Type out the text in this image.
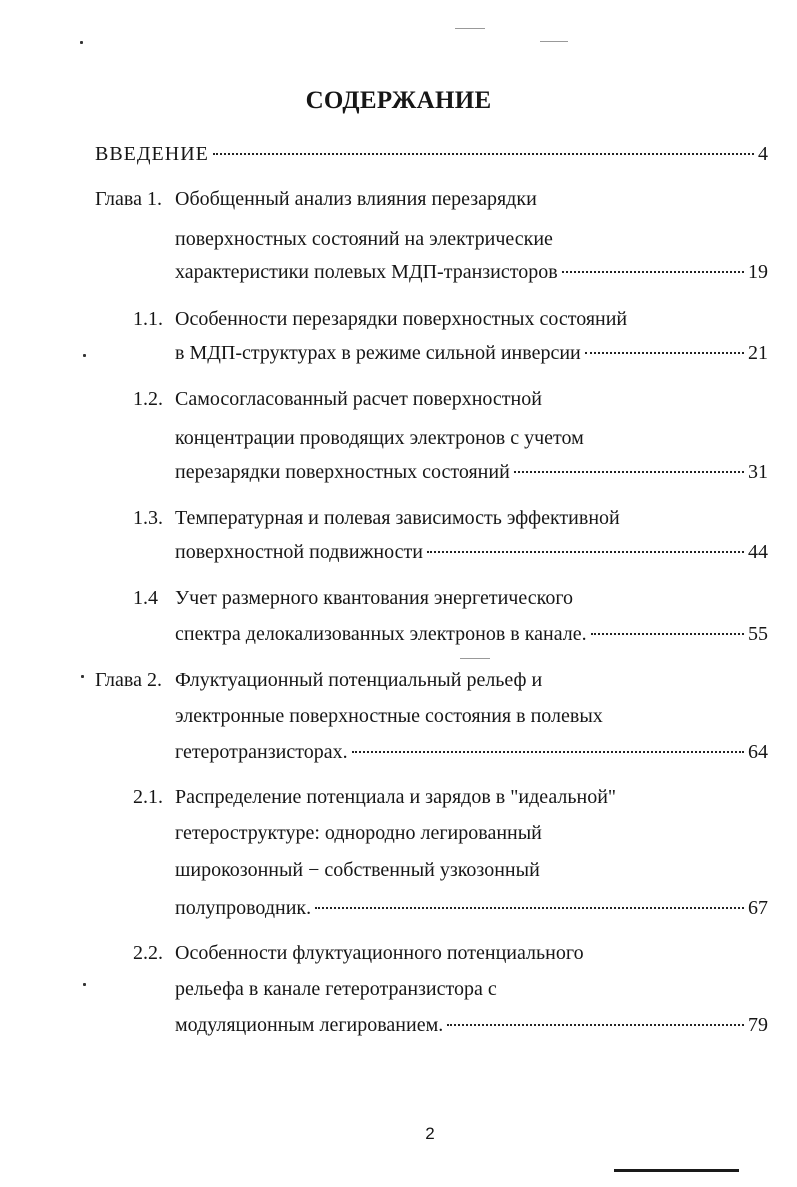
СОДЕРЖАНИЕ
ВВЕДЕНИЕ	4
Глава 1. Обобщенный анализ влияния перезарядки
поверхностных состояний на электрические
характеристики полевых МДП-транзисторов	19
1.1. Особенности перезарядки поверхностных состояний
в МДП-структурах в режиме сильной инверсии	21
1.2. Самосогласованный расчет поверхностной
концентрации проводящих электронов с учетом
перезарядки поверхностных состояний	31
1.3. Температурная и полевая зависимость эффективной
поверхностной подвижности	44
1.4 Учет размерного квантования энергетического
спектра делокализованных электронов в канале.	55
Глава 2. Флуктуационный потенциальный рельеф и
электронные поверхностные состояния в полевых
гетеротранзисторах.	64
2.1. Распределение потенциала и зарядов в "идеальной"
гетероструктуре: однородно легированный
широкозонный − собственный узкозонный
полупроводник.	67
2.2. Особенности флуктуационного потенциального
рельефа в канале гетеротранзистора с
модуляционным легированием.	79
2
